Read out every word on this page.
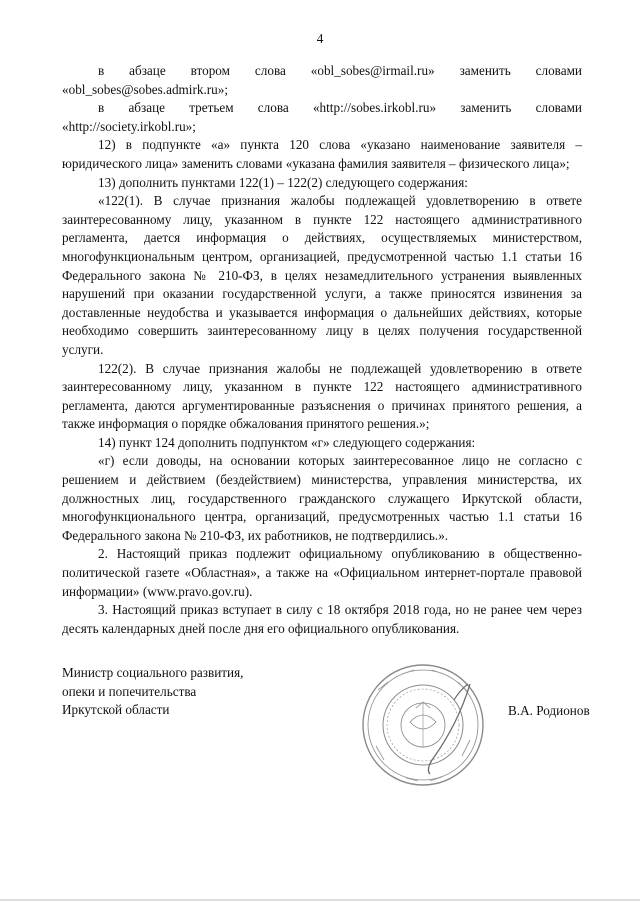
4

в абзаце втором слова «obl_sobes@irmail.ru» заменить словами «obl_sobes@sobes.admirk.ru»;

в абзаце третьем слова «http://sobes.irkobl.ru» заменить словами «http://society.irkobl.ru»;

12) в подпункте «а» пункта 120 слова «указано наименование заявителя – юридического лица» заменить словами «указана фамилия заявителя – физического лица»;

13) дополнить пунктами 122(1) – 122(2) следующего содержания:

«122(1). В случае признания жалобы подлежащей удовлетворению в ответе заинтересованному лицу, указанном в пункте 122 настоящего административного регламента, дается информация о действиях, осуществляемых министерством, многофункциональным центром, организацией, предусмотренной частью 1.1 статьи 16 Федерального закона № 210-ФЗ, в целях незамедлительного устранения выявленных нарушений при оказании государственной услуги, а также приносятся извинения за доставленные неудобства и указывается информация о дальнейших действиях, которые необходимо совершить заинтересованному лицу в целях получения государственной услуги.

122(2). В случае признания жалобы не подлежащей удовлетворению в ответе заинтересованному лицу, указанном в пункте 122 настоящего административного регламента, даются аргументированные разъяснения о причинах принятого решения, а также информация о порядке обжалования принятого решения.»;

14) пункт 124 дополнить подпунктом «г» следующего содержания:

«г) если доводы, на основании которых заинтересованное лицо не согласно с решением и действием (бездействием) министерства, управления министерства, их должностных лиц, государственного гражданского служащего Иркутской области, многофункционального центра, организаций, предусмотренных частью 1.1 статьи 16 Федерального закона № 210-ФЗ, их работников, не подтвердились.».

2. Настоящий приказ подлежит официальному опубликованию в общественно-политической газете «Областная», а также на «Официальном интернет-портале правовой информации» (www.pravo.gov.ru).

3. Настоящий приказ вступает в силу с 18 октября 2018 года, но не ранее чем через десять календарных дней после дня его официального опубликования.

Министр социального развития,
опеки и попечительства
Иркутской области	В.А. Родионов
